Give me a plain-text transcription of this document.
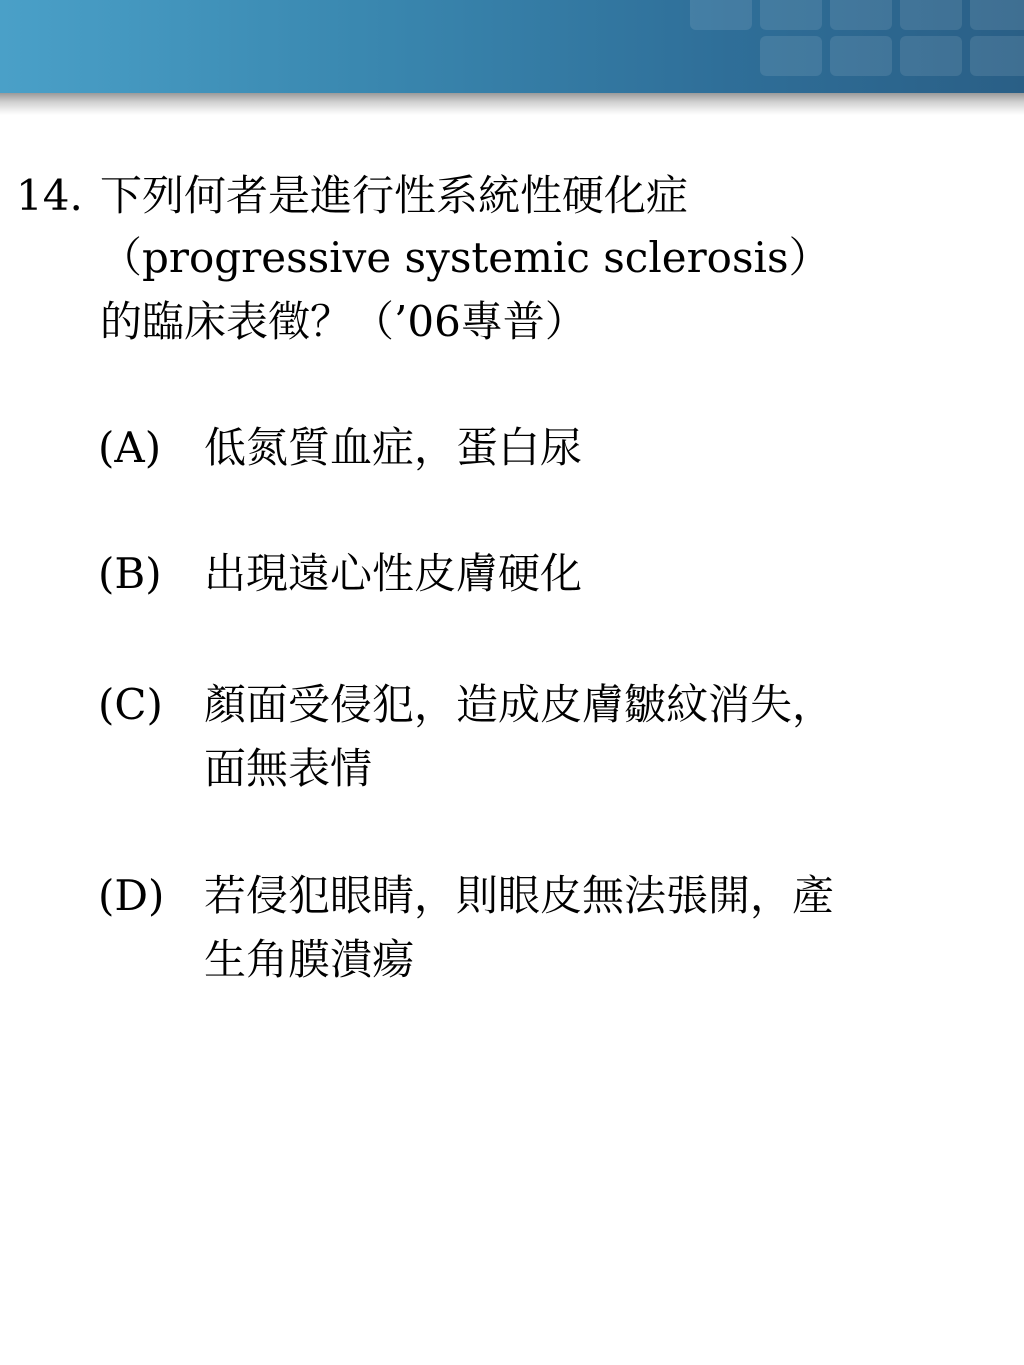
14. 下列何者是進行性系統性硬化症
（progressive systemic sclerosis）
的臨床表徵？（’06專普）
(A) 低氮質血症，蛋白尿
(B) 出現遠心性皮膚硬化
(C) 顏面受侵犯，造成皮膚皺紋消失，
面無表情
(D) 若侵犯眼睛，則眼皮無法張開，產
生角膜潰瘍
